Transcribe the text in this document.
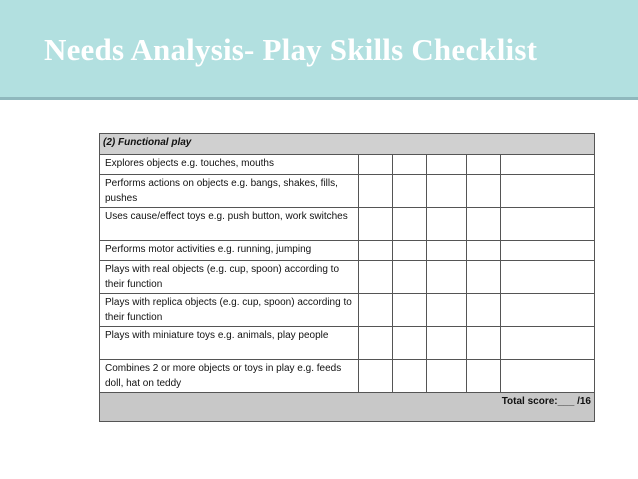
Needs Analysis- Play Skills Checklist
(2) Functional play					
Explores objects e.g. touches, mouths					
Performs actions on objects e.g. bangs, shakes, fills, pushes					
Uses cause/effect toys e.g. push button, work switches					
Performs motor activities e.g. running, jumping					
Plays with real objects (e.g. cup, spoon) according to their function					
Plays with replica objects (e.g. cup, spoon) according to their function					
Plays with miniature toys e.g. animals, play people					
Combines 2 or more objects or toys in play e.g. feeds doll, hat on teddy					
Total score:___ /16					
